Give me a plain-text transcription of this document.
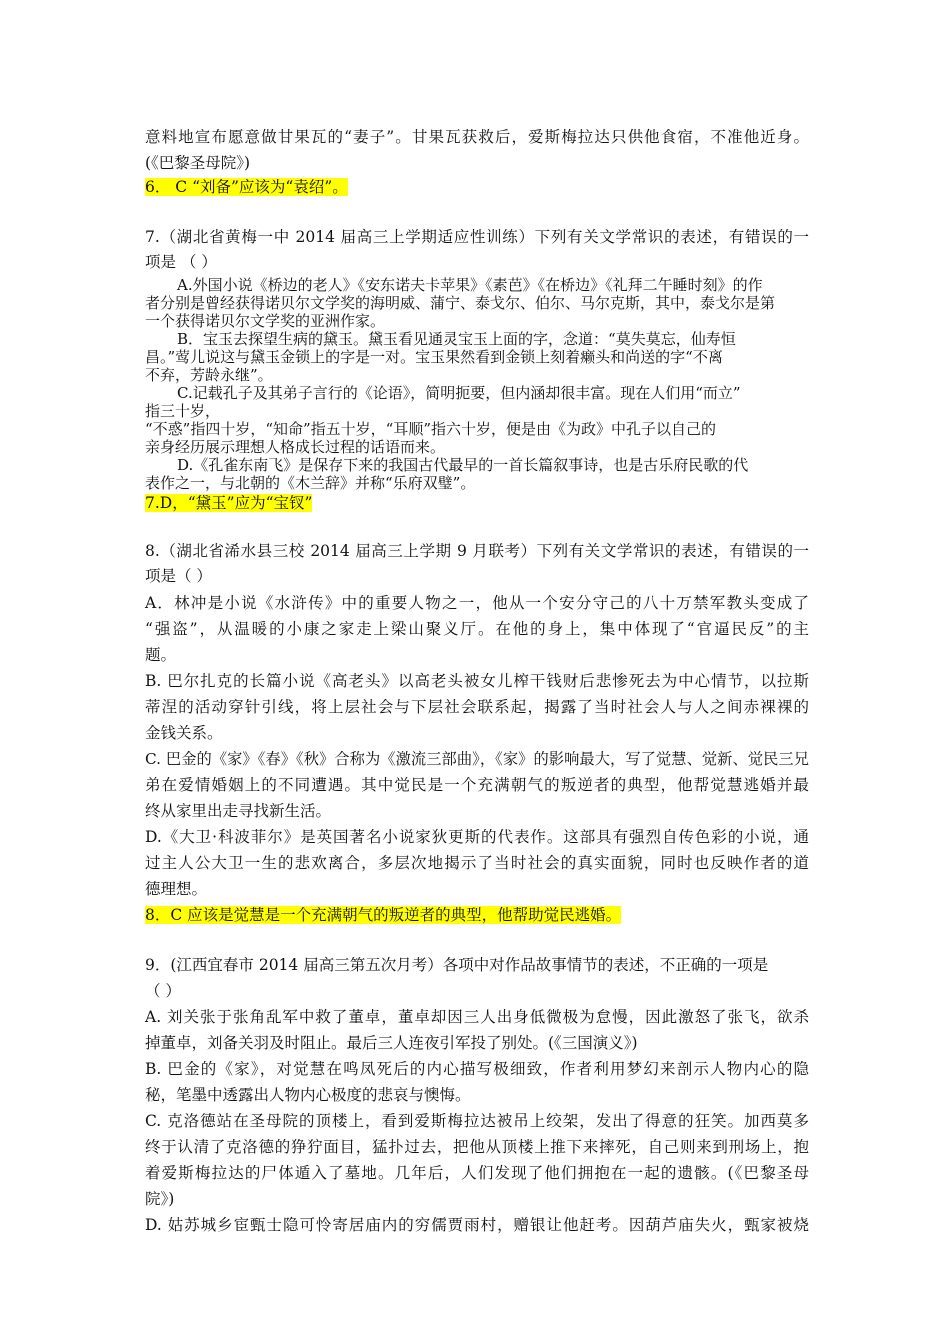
意料地宣布愿意做甘果瓦的“妻子”。甘果瓦获救后，爱斯梅拉达只供他食宿，不准他近身。
(《巴黎圣母院》)
6． C “刘备”应该为“袁绍”。
7.（湖北省黄梅一中 2014 届高三上学期适应性训练）下列有关文学常识的表述，有错误的一
项是 （ ）
A.外国小说《桥边的老人》《安东诺夫卡苹果》《素芭》《在桥边》《礼拜二午睡时刻》的作
者分别是曾经获得诺贝尔文学奖的海明威、蒲宁、泰戈尔、伯尔、马尔克斯，其中，泰戈尔是第
一个获得诺贝尔文学奖的亚洲作家。
B．宝玉去探望生病的黛玉。黛玉看见通灵宝玉上面的字，念道：“莫失莫忘，仙寿恒
昌。”莺儿说这与黛玉金锁上的字是一对。宝玉果然看到金锁上刻着癞头和尚送的字“不离
不弃，芳龄永继”。
C.记载孔子及其弟子言行的《论语》，简明扼要，但内涵却很丰富。现在人们用“而立”
指三十岁，
“不惑”指四十岁，“知命”指五十岁，“耳顺”指六十岁，便是由《为政》中孔子以自己的
亲身经历展示理想人格成长过程的话语而来。
D.《孔雀东南飞》是保存下来的我国古代最早的一首长篇叙事诗，也是古乐府民歌的代
表作之一，与北朝的《木兰辞》并称“乐府双璧”。
7.D，“黛玉”应为“宝钗”
8.（湖北省浠水县三校 2014 届高三上学期 9 月联考）下列有关文学常识的表述，有错误的一
项是（ ）
A．林冲是小说《水浒传》中的重要人物之一，他从一个安分守己的八十万禁军教头变成了
“强盗”，从温暖的小康之家走上梁山聚义厅。在他的身上，集中体现了“官逼民反”的主
题。
B. 巴尔扎克的长篇小说《高老头》以高老头被女儿榨干钱财后悲惨死去为中心情节，以拉斯
蒂涅的活动穿针引线，将上层社会与下层社会联系起，揭露了当时社会人与人之间赤裸裸的
金钱关系。
C. 巴金的《家》《春》《秋》合称为《激流三部曲》，《家》的影响最大，写了觉慧、觉新、觉民三兄
弟在爱情婚姻上的不同遭遇。其中觉民是一个充满朝气的叛逆者的典型，他帮觉慧逃婚并最
终从家里出走寻找新生活。
D.《大卫·科波菲尔》是英国著名小说家狄更斯的代表作。这部具有强烈自传色彩的小说，通
过主人公大卫一生的悲欢离合，多层次地揭示了当时社会的真实面貌，同时也反映作者的道
德理想。
8．C 应该是觉慧是一个充满朝气的叛逆者的典型，他帮助觉民逃婚。
9．(江西宜春市 2014 届高三第五次月考）各项中对作品故事情节的表述，不正确的一项是
（ ）
A. 刘关张于张角乱军中救了董卓，董卓却因三人出身低微极为怠慢，因此激怒了张飞，欲杀
掉董卓，刘备关羽及时阻止。最后三人连夜引军投了别处。(《三国演义》)
B. 巴金的《家》，对觉慧在鸣凤死后的内心描写极细致，作者利用梦幻来剖示人物内心的隐
秘，笔墨中透露出人物内心极度的悲哀与懊悔。
C. 克洛德站在圣母院的顶楼上，看到爱斯梅拉达被吊上绞架，发出了得意的狂笑。加西莫多
终于认清了克洛德的狰狞面目，猛扑过去，把他从顶楼上推下来摔死，自己则来到刑场上，抱
着爱斯梅拉达的尸体遁入了墓地。几年后，人们发现了他们拥抱在一起的遗骸。(《巴黎圣母
院》)
D. 姑苏城乡宦甄士隐可怜寄居庙内的穷儒贾雨村，赠银让他赶考。因葫芦庙失火，甄家被烧
